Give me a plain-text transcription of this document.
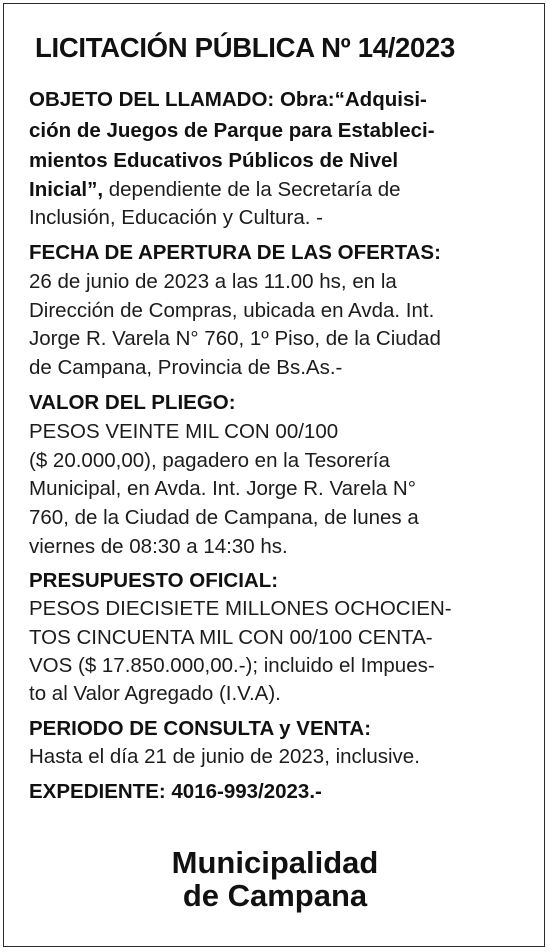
LICITACIÓN PÚBLICA Nº 14/2023
OBJETO DEL LLAMADO: Obra:“Adquisi-
ción de Juegos de Parque para Estableci-
mientos Educativos Públicos de Nivel
Inicial”, dependiente de la Secretaría de
Inclusión, Educación y Cultura. -
FECHA DE APERTURA DE LAS OFERTAS:
26 de junio de 2023 a las 11.00 hs, en la
Dirección de Compras, ubicada en Avda. Int.
Jorge R. Varela N° 760, 1º Piso, de la Ciudad
de Campana, Provincia de Bs.As.-
VALOR DEL PLIEGO:
PESOS VEINTE MIL CON 00/100
($ 20.000,00), pagadero en la Tesorería
Municipal, en Avda. Int. Jorge R. Varela N°
760, de la Ciudad de Campana, de lunes a
viernes de 08:30 a 14:30 hs.
PRESUPUESTO OFICIAL:
PESOS DIECISIETE MILLONES OCHOCIEN-
TOS CINCUENTA MIL CON 00/100 CENTA-
VOS ($ 17.850.000,00.-); incluido el Impues-
to al Valor Agregado (I.V.A).
PERIODO DE CONSULTA y VENTA:
Hasta el día 21 de junio de 2023, inclusive.
EXPEDIENTE: 4016-993/2023.-
Municipalidad
de Campana
